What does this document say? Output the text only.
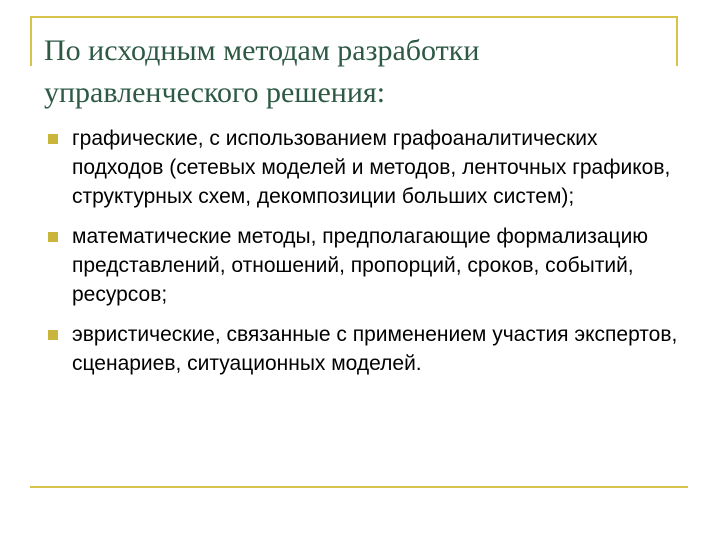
По исходным методам разработки управленческого решения:
графические, с использованием графоаналитических подходов (сетевых моделей и методов, ленточных графиков, структурных схем, декомпозиции больших систем);
математические методы, предполагающие формализацию представлений, отношений, пропорций, сроков, событий, ресурсов;
эвристические, связанные с применением участия экспертов, сценариев, ситуационных моделей.
